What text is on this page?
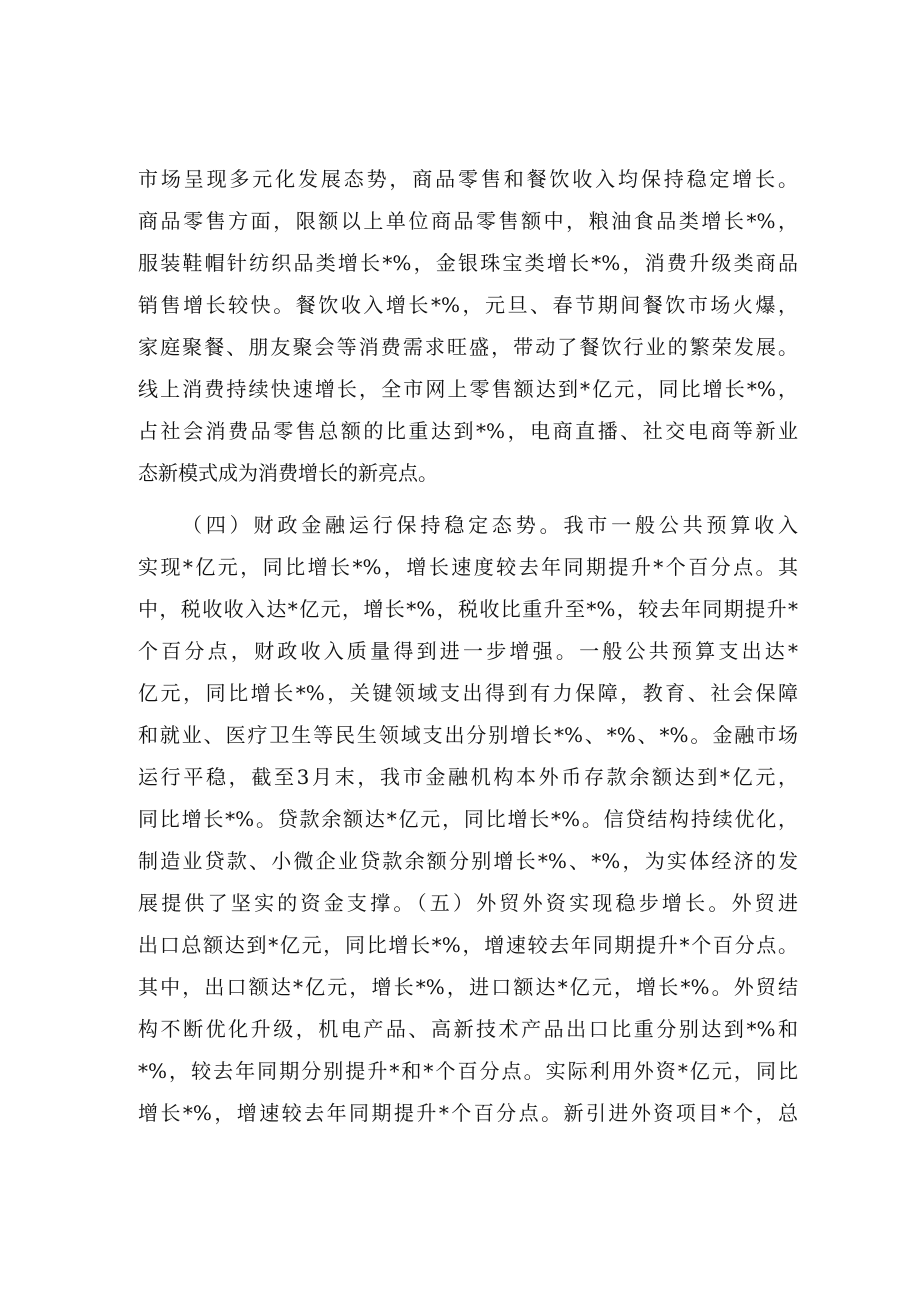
市场呈现多元化发展态势，商品零售和餐饮收入均保持稳定增长。
商品零售方面，限额以上单位商品零售额中，粮油食品类增长*%，
服装鞋帽针纺织品类增长*%，金银珠宝类增长*%，消费升级类商品
销售增长较快。餐饮收入增长*%，元旦、春节期间餐饮市场火爆，
家庭聚餐、朋友聚会等消费需求旺盛，带动了餐饮行业的繁荣发展。
线上消费持续快速增长，全市网上零售额达到*亿元，同比增长*%，
占社会消费品零售总额的比重达到*%，电商直播、社交电商等新业
态新模式成为消费增长的新亮点。
（四）财政金融运行保持稳定态势。我市一般公共预算收入
实现*亿元，同比增长*%，增长速度较去年同期提升*个百分点。其
中，税收收入达*亿元，增长*%，税收比重升至*%，较去年同期提升*
个百分点，财政收入质量得到进一步增强。一般公共预算支出达*
亿元，同比增长*%，关键领域支出得到有力保障，教育、社会保障
和就业、医疗卫生等民生领域支出分别增长*%、*%、*%。金融市场
运行平稳，截至3月末，我市金融机构本外币存款余额达到*亿元，
同比增长*%。贷款余额达*亿元，同比增长*%。信贷结构持续优化，
制造业贷款、小微企业贷款余额分别增长*%、*%，为实体经济的发
展提供了坚实的资金支撑。（五）外贸外资实现稳步增长。外贸进
出口总额达到*亿元，同比增长*%，增速较去年同期提升*个百分点。
其中，出口额达*亿元，增长*%，进口额达*亿元，增长*%。外贸结
构不断优化升级，机电产品、高新技术产品出口比重分别达到*%和
*%，较去年同期分别提升*和*个百分点。实际利用外资*亿元，同比
增长*%，增速较去年同期提升*个百分点。新引进外资项目*个，总
